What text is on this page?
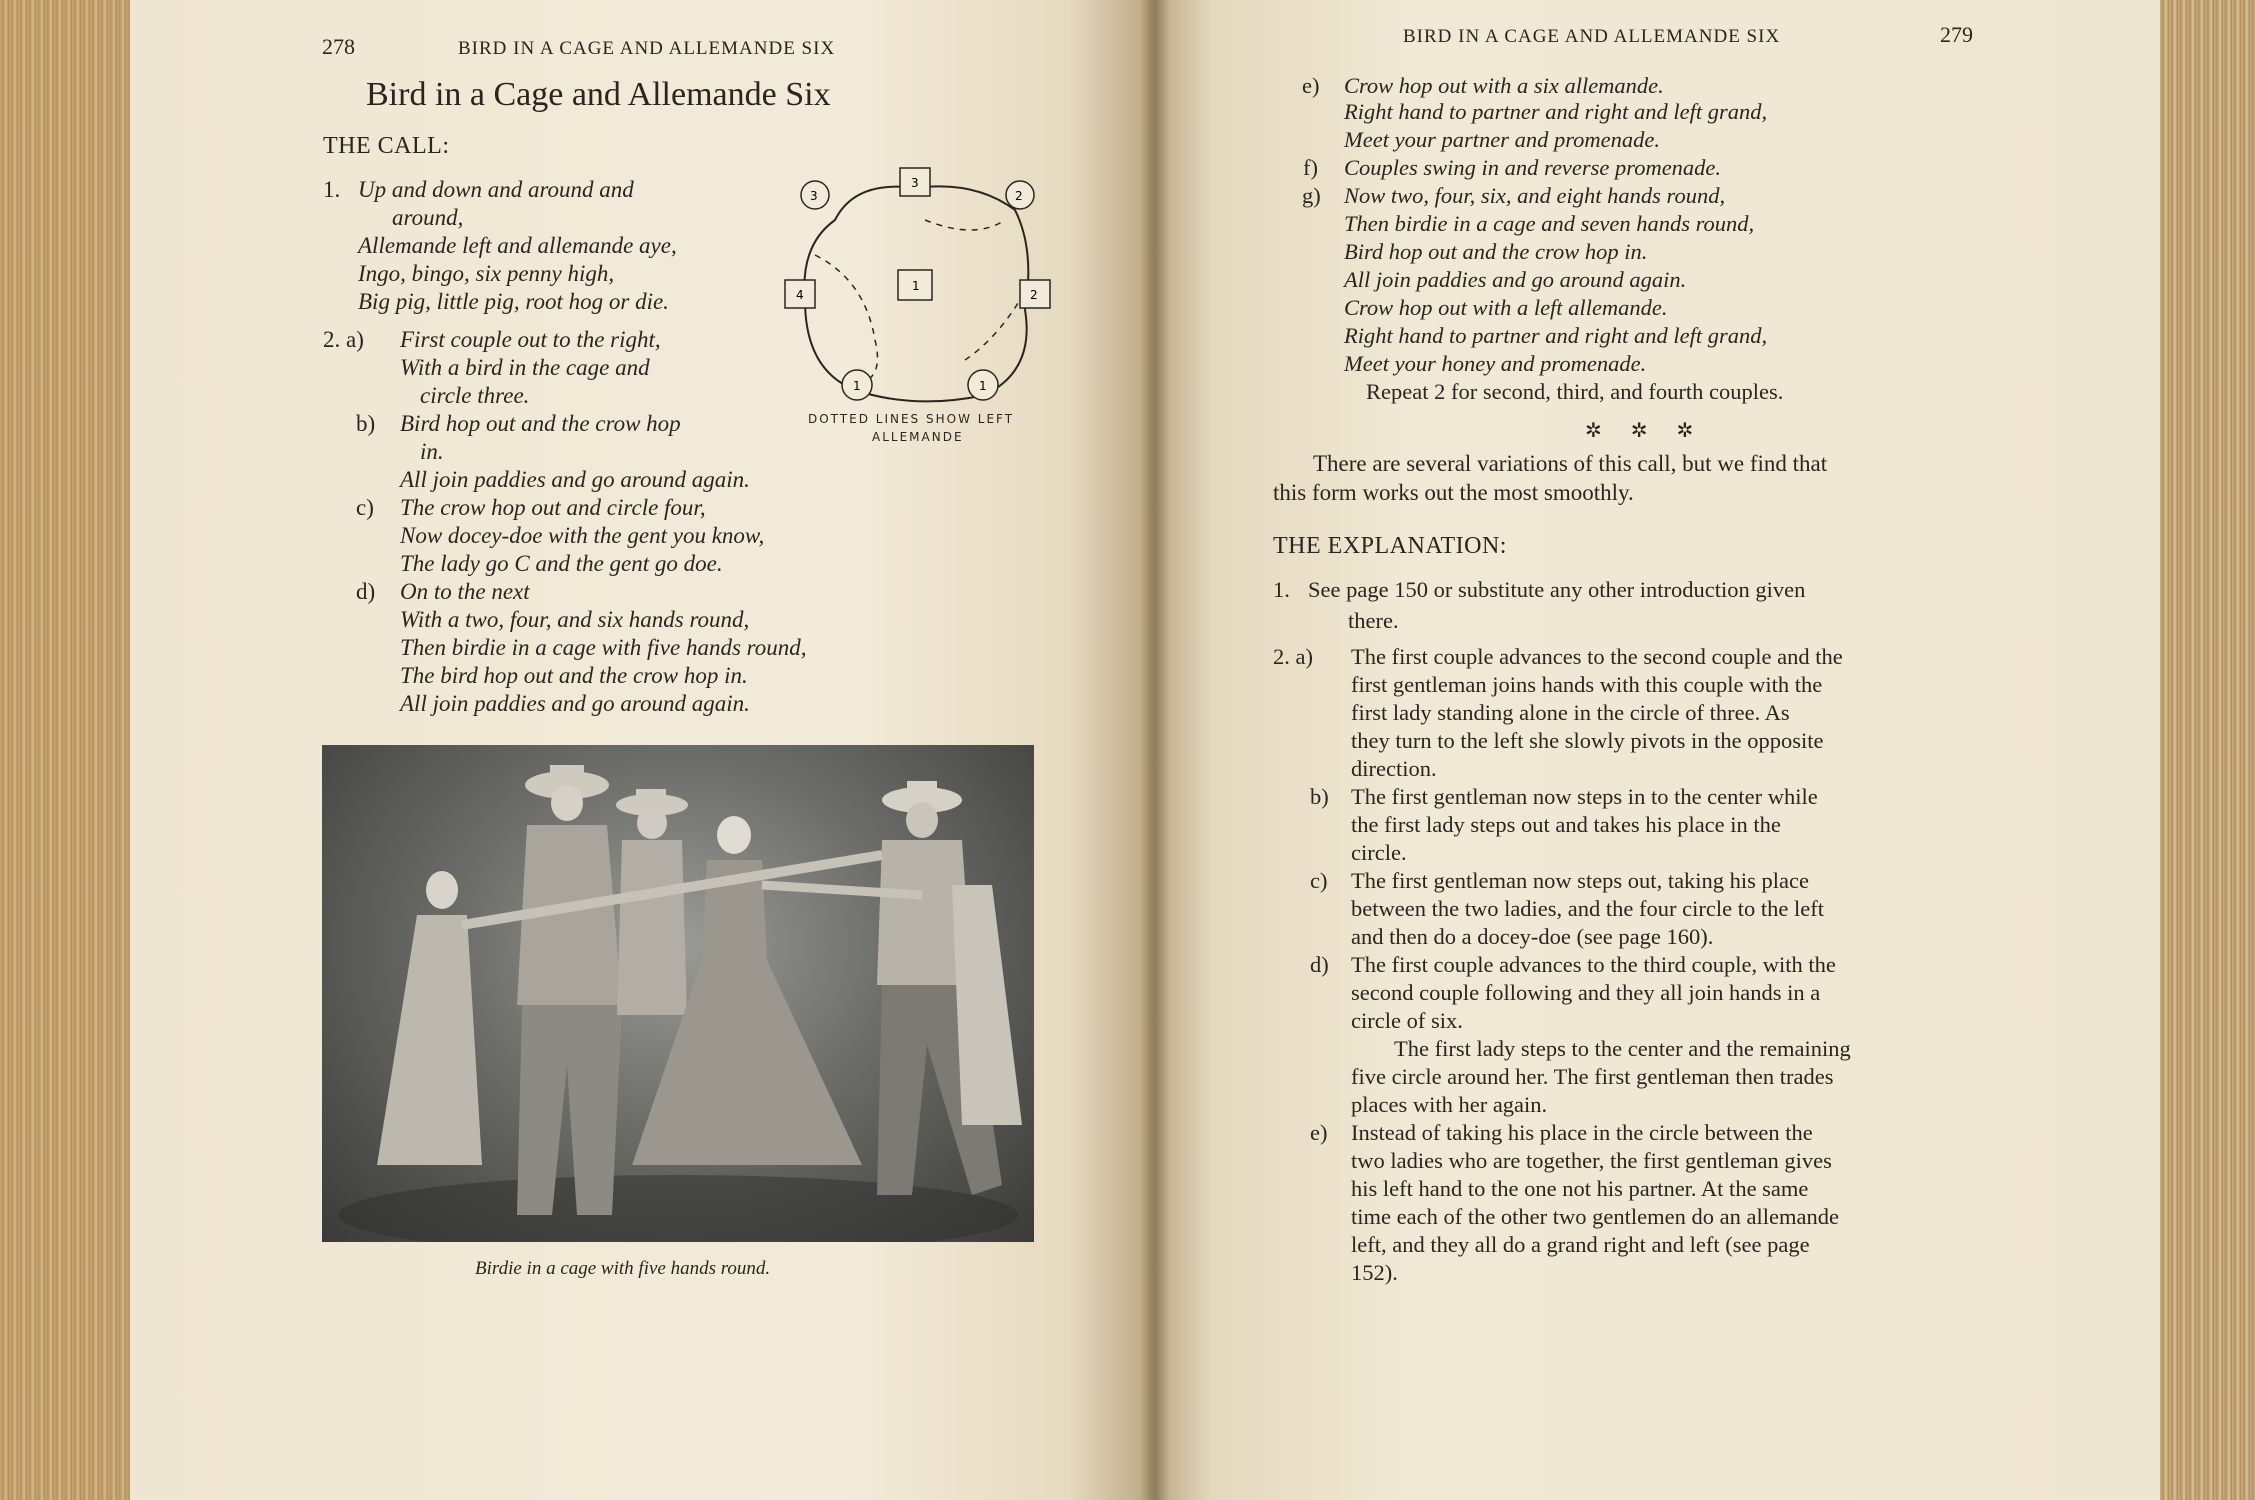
278	BIRD IN A CAGE AND ALLEMANDE SIX
Bird in a Cage and Allemande Six
THE CALL:
1. Up and down and around and
around,
Allemande left and allemande aye,
Ingo, bingo, six penny high,
Big pig, little pig, root hog or die.
2. a) First couple out to the right,
With a bird in the cage and
circle three.
b) Bird hop out and the crow hop
in.
All join paddies and go around again.
c) The crow hop out and circle four,
Now docey-doe with the gent you know,
The lady go C and the gent go doe.
d) On to the next
With a two, four, and six hands round,
Then birdie in a cage with five hands round,
The bird hop out and the crow hop in.
All join paddies and go around again.
3
3
2
4
1
2
1	1
DOTTED LINES SHOW LEFT
ALLEMANDE
Birdie in a cage with five hands round.
BIRD IN A CAGE AND ALLEMANDE SIX	279
e) Crow hop out with a six allemande.
Right hand to partner and right and left grand,
Meet your partner and promenade.
f) Couples swing in and reverse promenade.
g) Now two, four, six, and eight hands round,
Then birdie in a cage and seven hands round,
Bird hop out and the crow hop in.
All join paddies and go around again.
Crow hop out with a left allemande.
Right hand to partner and right and left grand,
Meet your honey and promenade.
Repeat 2 for second, third, and fourth couples.
✲ ✲ ✲
There are several variations of this call, but we find that
this form works out the most smoothly.
THE EXPLANATION:
1. See page 150 or substitute any other introduction given
there.
2. a) The first couple advances to the second couple and the
first gentleman joins hands with this couple with the
first lady standing alone in the circle of three. As
they turn to the left she slowly pivots in the opposite
direction.
b) The first gentleman now steps in to the center while
the first lady steps out and takes his place in the
circle.
c) The first gentleman now steps out, taking his place
between the two ladies, and the four circle to the left
and then do a docey-doe (see page 160).
d) The first couple advances to the third couple, with the
second couple following and they all join hands in a
circle of six.
The first lady steps to the center and the remaining
five circle around her. The first gentleman then trades
places with her again.
e) Instead of taking his place in the circle between the
two ladies who are together, the first gentleman gives
his left hand to the one not his partner. At the same
time each of the other two gentlemen do an allemande
left, and they all do a grand right and left (see page
152).
